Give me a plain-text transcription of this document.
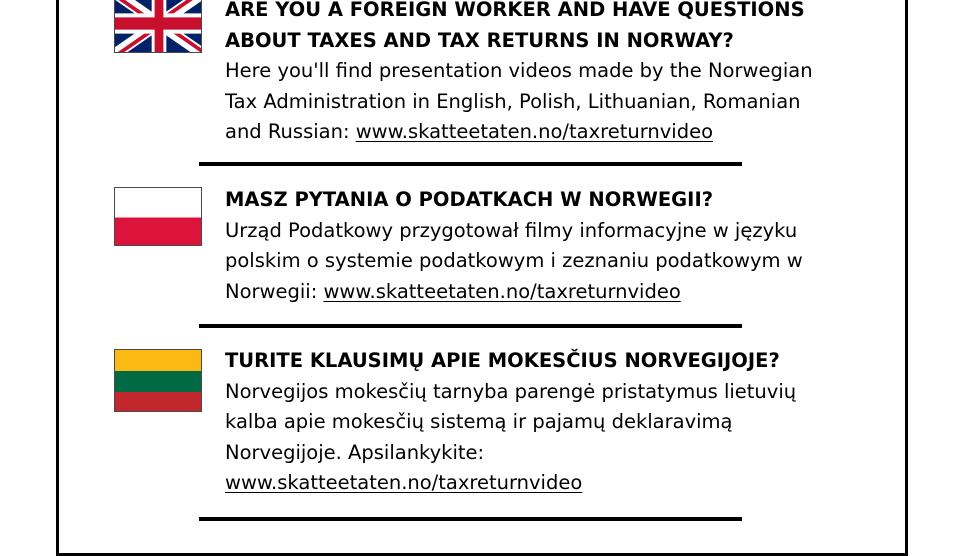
ARE YOU A FOREIGN WORKER AND HAVE QUESTIONS
ABOUT TAXES AND TAX RETURNS IN NORWAY?
Here you'll find presentation videos made by the Norwegian
Tax Administration in English, Polish, Lithuanian, Romanian
and Russian: www.skatteetaten.no/taxreturnvideo
MASZ PYTANIA O PODATKACH W NORWEGII?
Urząd Podatkowy przygotował filmy informacyjne w języku
polskim o systemie podatkowym i zeznaniu podatkowym w
Norwegii: www.skatteetaten.no/taxreturnvideo
TURITE KLAUSIMŲ APIE MOKESČIUS NORVEGIJOJE?
Norvegijos mokesčių tarnyba parengė pristatymus lietuvių
kalba apie mokesčių sistemą ir pajamų deklaravimą
Norvegijoje. Apsilankykite:
www.skatteetaten.no/taxreturnvideo
